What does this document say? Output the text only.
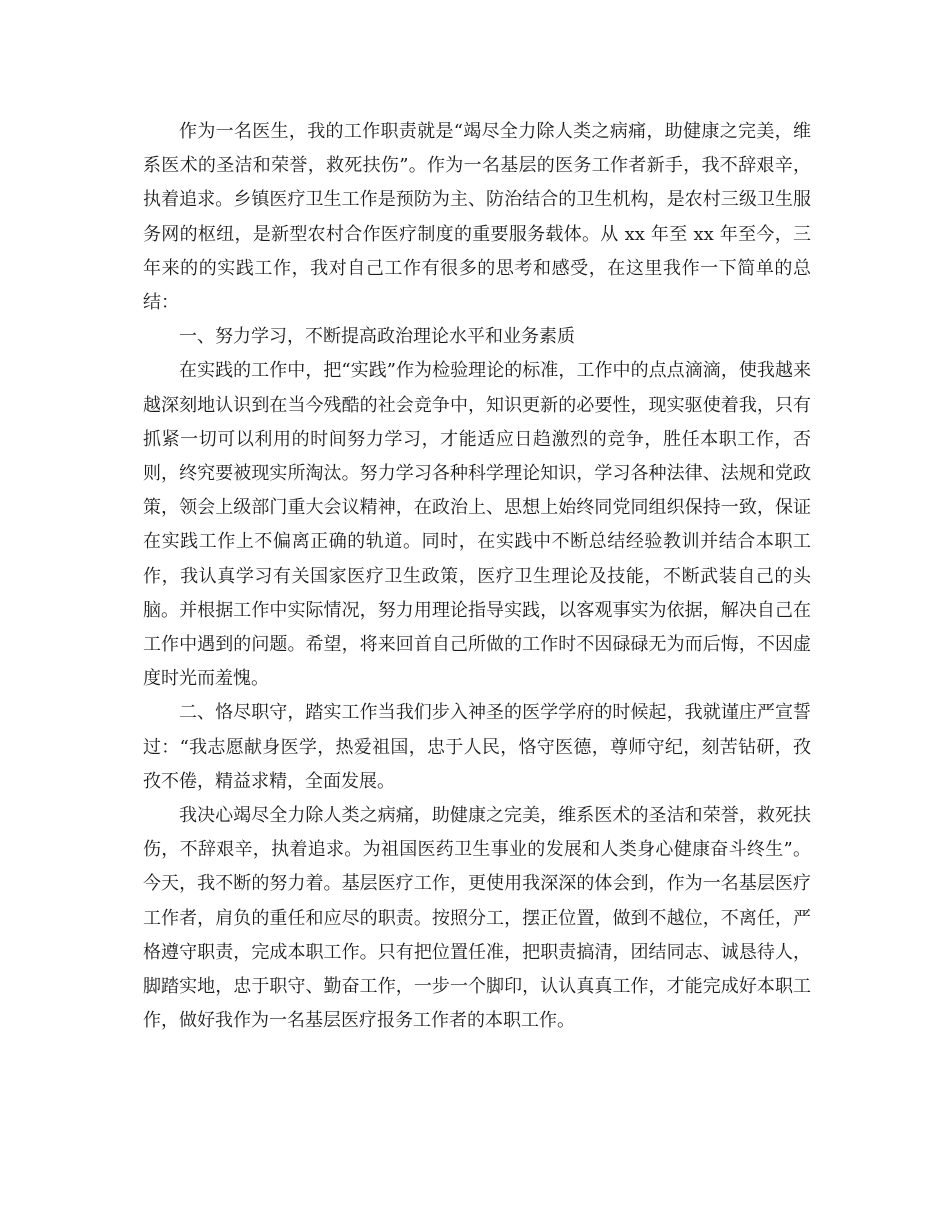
作为一名医生，我的工作职责就是“竭尽全力除人类之病痛，助健康之完美，维系医术的圣洁和荣誉，救死扶伤”。作为一名基层的医务工作者新手，我不辞艰辛，执着追求。乡镇医疗卫生工作是预防为主、防治结合的卫生机构，是农村三级卫生服务网的枢纽，是新型农村合作医疗制度的重要服务载体。从 xx 年至 xx 年至今，三年来的的实践工作，我对自己工作有很多的思考和感受，在这里我作一下简单的总结：

一、努力学习，不断提高政治理论水平和业务素质

在实践的工作中，把“实践”作为检验理论的标准，工作中的点点滴滴，使我越来越深刻地认识到在当今残酷的社会竞争中，知识更新的必要性，现实驱使着我，只有抓紧一切可以利用的时间努力学习，才能适应日趋激烈的竞争，胜任本职工作，否则，终究要被现实所淘汰。努力学习各种科学理论知识，学习各种法律、法规和党政策，领会上级部门重大会议精神，在政治上、思想上始终同党同组织保持一致，保证在实践工作上不偏离正确的轨道。同时，在实践中不断总结经验教训并结合本职工作，我认真学习有关国家医疗卫生政策，医疗卫生理论及技能，不断武装自己的头脑。并根据工作中实际情况，努力用理论指导实践，以客观事实为依据，解决自己在工作中遇到的问题。希望，将来回首自己所做的工作时不因碌碌无为而后悔，不因虚度时光而羞愧。

二、恪尽职守，踏实工作当我们步入神圣的医学学府的时候起，我就谨庄严宣誓过：“我志愿献身医学，热爱祖国，忠于人民，恪守医德，尊师守纪，刻苦钻研，孜孜不倦，精益求精，全面发展。

我决心竭尽全力除人类之病痛，助健康之完美，维系医术的圣洁和荣誉，救死扶伤，不辞艰辛，执着追求。为祖国医药卫生事业的发展和人类身心健康奋斗终生”。今天，我不断的努力着。基层医疗工作，更使用我深深的体会到，作为一名基层医疗工作者，肩负的重任和应尽的职责。按照分工，摆正位置，做到不越位，不离任，严格遵守职责，完成本职工作。只有把位置任准，把职责搞清，团结同志、诚恳待人，脚踏实地，忠于职守、勤奋工作，一步一个脚印，认认真真工作，才能完成好本职工作，做好我作为一名基层医疗报务工作者的本职工作。
